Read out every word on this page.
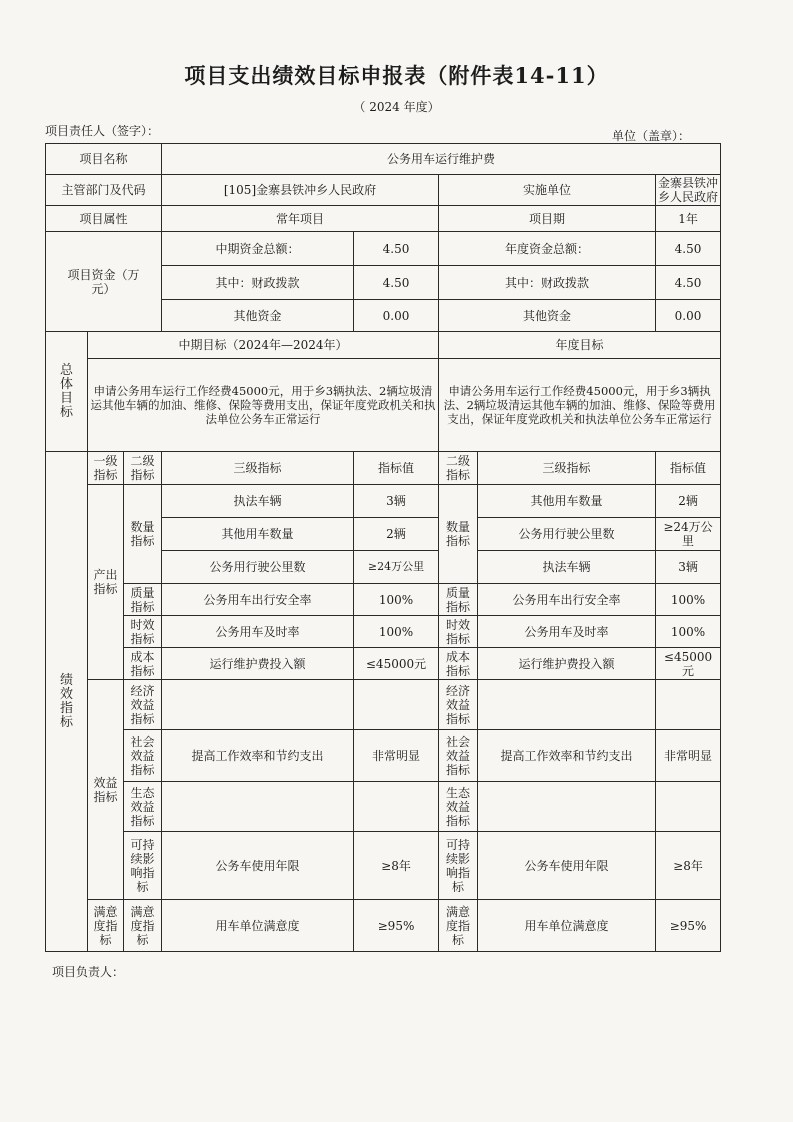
项目支出绩效目标申报表（附件表14-11）
（ 2024 年度）
项目责任人（签字）：	单位（盖章）：
项目名称			公务用车运行维护费				
主管部门及代码			[105]金寨县铁冲乡人民政府		实施单位		金寨县铁冲乡人民政府
项目属性			常年项目		项目期		1年
项目资金（万元）			中期资金总额：	4.50	年度资金总额：		4.50
			其中：财政拨款	4.50	其中：财政拨款		4.50
			其他资金	0.00	其他资金		0.00
总体目标	中期目标（2024年—2024年）				年度目标		
	申请公务用车运行工作经费45000元，用于乡3辆执法、2辆垃圾清运其他车辆的加油、维修、保险等费用支出，保证年度党政机关和执法单位公务车正常运行				申请公务用车运行工作经费45000元，用于乡3辆执法、2辆垃圾清运其他车辆的加油、维修、保险等费用支出，保证年度党政机关和执法单位公务车正常运行		
绩效指标	一级指标	二级指标	三级指标	指标值	二级指标	三级指标	指标值
	产出指标	数量指标	执法车辆	3辆	数量指标	其他用车数量	2辆
			其他用车数量	2辆		公务用行驶公里数	≥24万公里
			公务用行驶公里数	≥24万公里		执法车辆	3辆
		质量指标	公务用车出行安全率	100%	质量指标	公务用车出行安全率	100%
		时效指标	公务用车及时率	100%	时效指标	公务用车及时率	100%
		成本指标	运行维护费投入额	≤45000元	成本指标	运行维护费投入额	≤45000元
	效益指标	经济效益指标			经济效益指标		
		社会效益指标	提高工作效率和节约支出	非常明显	社会效益指标	提高工作效率和节约支出	非常明显
		生态效益指标			生态效益指标		
		可持续影响指标	公务车使用年限	≥8年	可持续影响指标	公务车使用年限	≥8年
	满意度指标	满意度指标	用车单位满意度	≥95%	满意度指标	用车单位满意度	≥95%
项目负责人：
